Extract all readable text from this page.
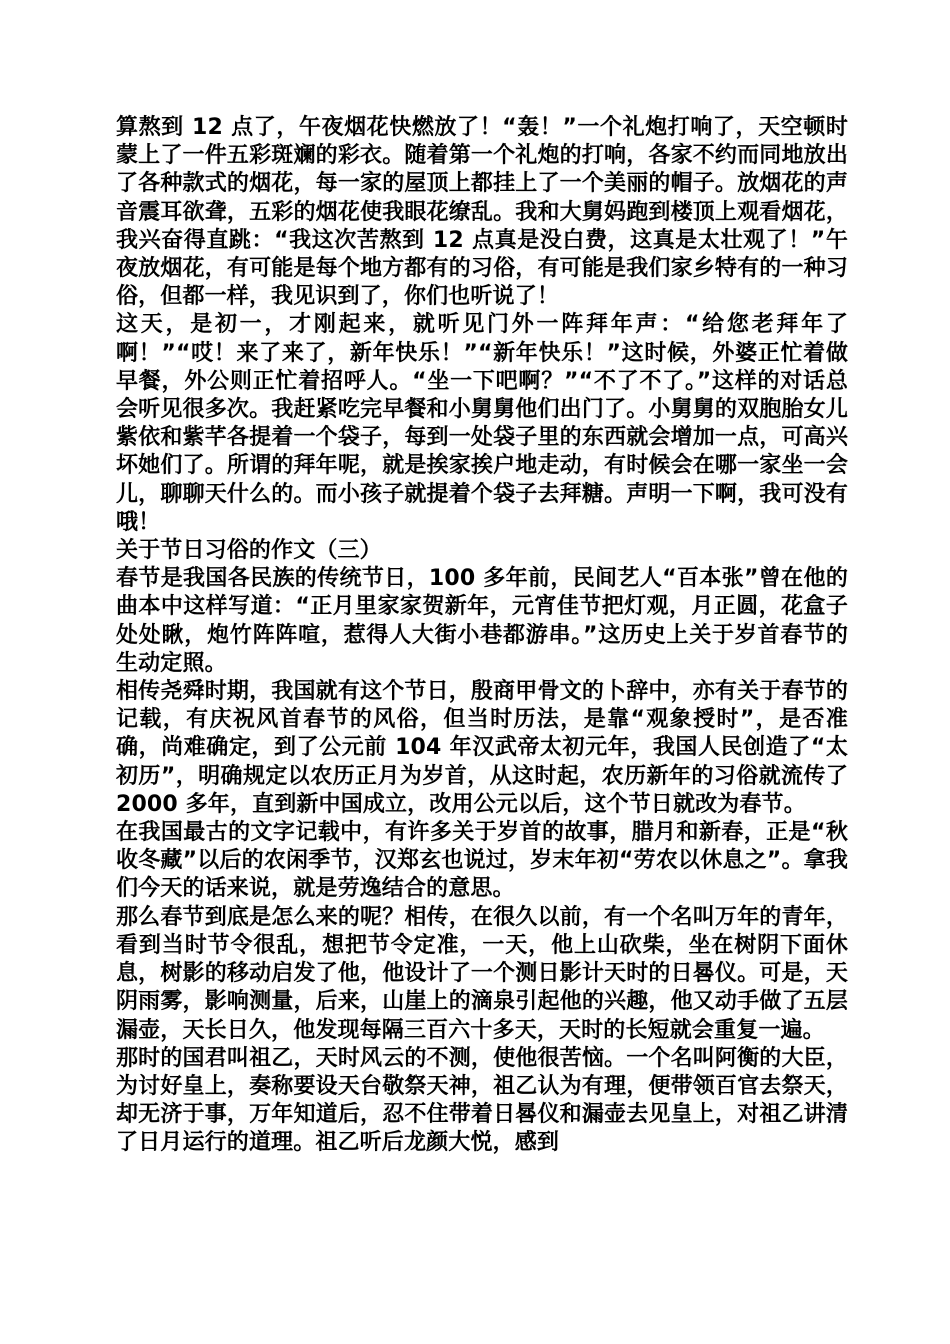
算熬到 12 点了，午夜烟花快燃放了！“轰！”一个礼炮打响了，天空顿时蒙上了一件五彩斑斓的彩衣。随着第一个礼炮的打响，各家不约而同地放出了各种款式的烟花，每一家的屋顶上都挂上了一个美丽的帽子。放烟花的声音震耳欲聋，五彩的烟花使我眼花缭乱。我和大舅妈跑到楼顶上观看烟花，我兴奋得直跳：“我这次苦熬到 12 点真是没白费，这真是太壮观了！”午夜放烟花，有可能是每个地方都有的习俗，有可能是我们家乡特有的一种习俗，但都一样，我见识到了，你们也听说了！

这天，是初一，才刚起来，就听见门外一阵拜年声：“给您老拜年了啊！”“哎！来了来了，新年快乐！”“新年快乐！”这时候，外婆正忙着做早餐，外公则正忙着招呼人。“坐一下吧啊？”“不了不了。”这样的对话总会听见很多次。我赶紧吃完早餐和小舅舅他们出门了。小舅舅的双胞胎女儿紫依和紫芊各提着一个袋子，每到一处袋子里的东西就会增加一点，可高兴坏她们了。所谓的拜年呢，就是挨家挨户地走动，有时候会在哪一家坐一会儿，聊聊天什么的。而小孩子就提着个袋子去拜糖。声明一下啊，我可没有哦！

关于节日习俗的作文（三）

春节是我国各民族的传统节日，100 多年前，民间艺人“百本张”曾在他的曲本中这样写道：“正月里家家贺新年，元宵佳节把灯观，月正圆，花盒子处处瞅，炮竹阵阵喧，惹得人大街小巷都游串。”这历史上关于岁首春节的生动定照。

相传尧舜时期，我国就有这个节日，殷商甲骨文的卜辞中，亦有关于春节的记载，有庆祝风首春节的风俗，但当时历法，是靠“观象授时”，是否准确，尚难确定，到了公元前 104 年汉武帝太初元年，我国人民创造了“太初历”，明确规定以农历正月为岁首，从这时起，农历新年的习俗就流传了 2000 多年，直到新中国成立，改用公元以后，这个节日就改为春节。

在我国最古的文字记载中，有许多关于岁首的故事，腊月和新春，正是“秋收冬藏”以后的农闲季节，汉郑玄也说过，岁末年初“劳农以休息之”。拿我们今天的话来说，就是劳逸结合的意思。

那么春节到底是怎么来的呢？相传，在很久以前，有一个名叫万年的青年，看到当时节令很乱，想把节令定准，一天，他上山砍柴，坐在树阴下面休息，树影的移动启发了他，他设计了一个测日影计天时的日晷仪。可是，天阴雨雾，影响测量，后来，山崖上的滴泉引起他的兴趣，他又动手做了五层漏壶，天长日久，他发现每隔三百六十多天，天时的长短就会重复一遍。

那时的国君叫祖乙，天时风云的不测，使他很苦恼。一个名叫阿衡的大臣，为讨好皇上，奏称要设天台敬祭天神，祖乙认为有理，便带领百官去祭天，却无济于事，万年知道后，忍不住带着日晷仪和漏壶去见皇上，对祖乙讲清了日月运行的道理。祖乙听后龙颜大悦，感到
